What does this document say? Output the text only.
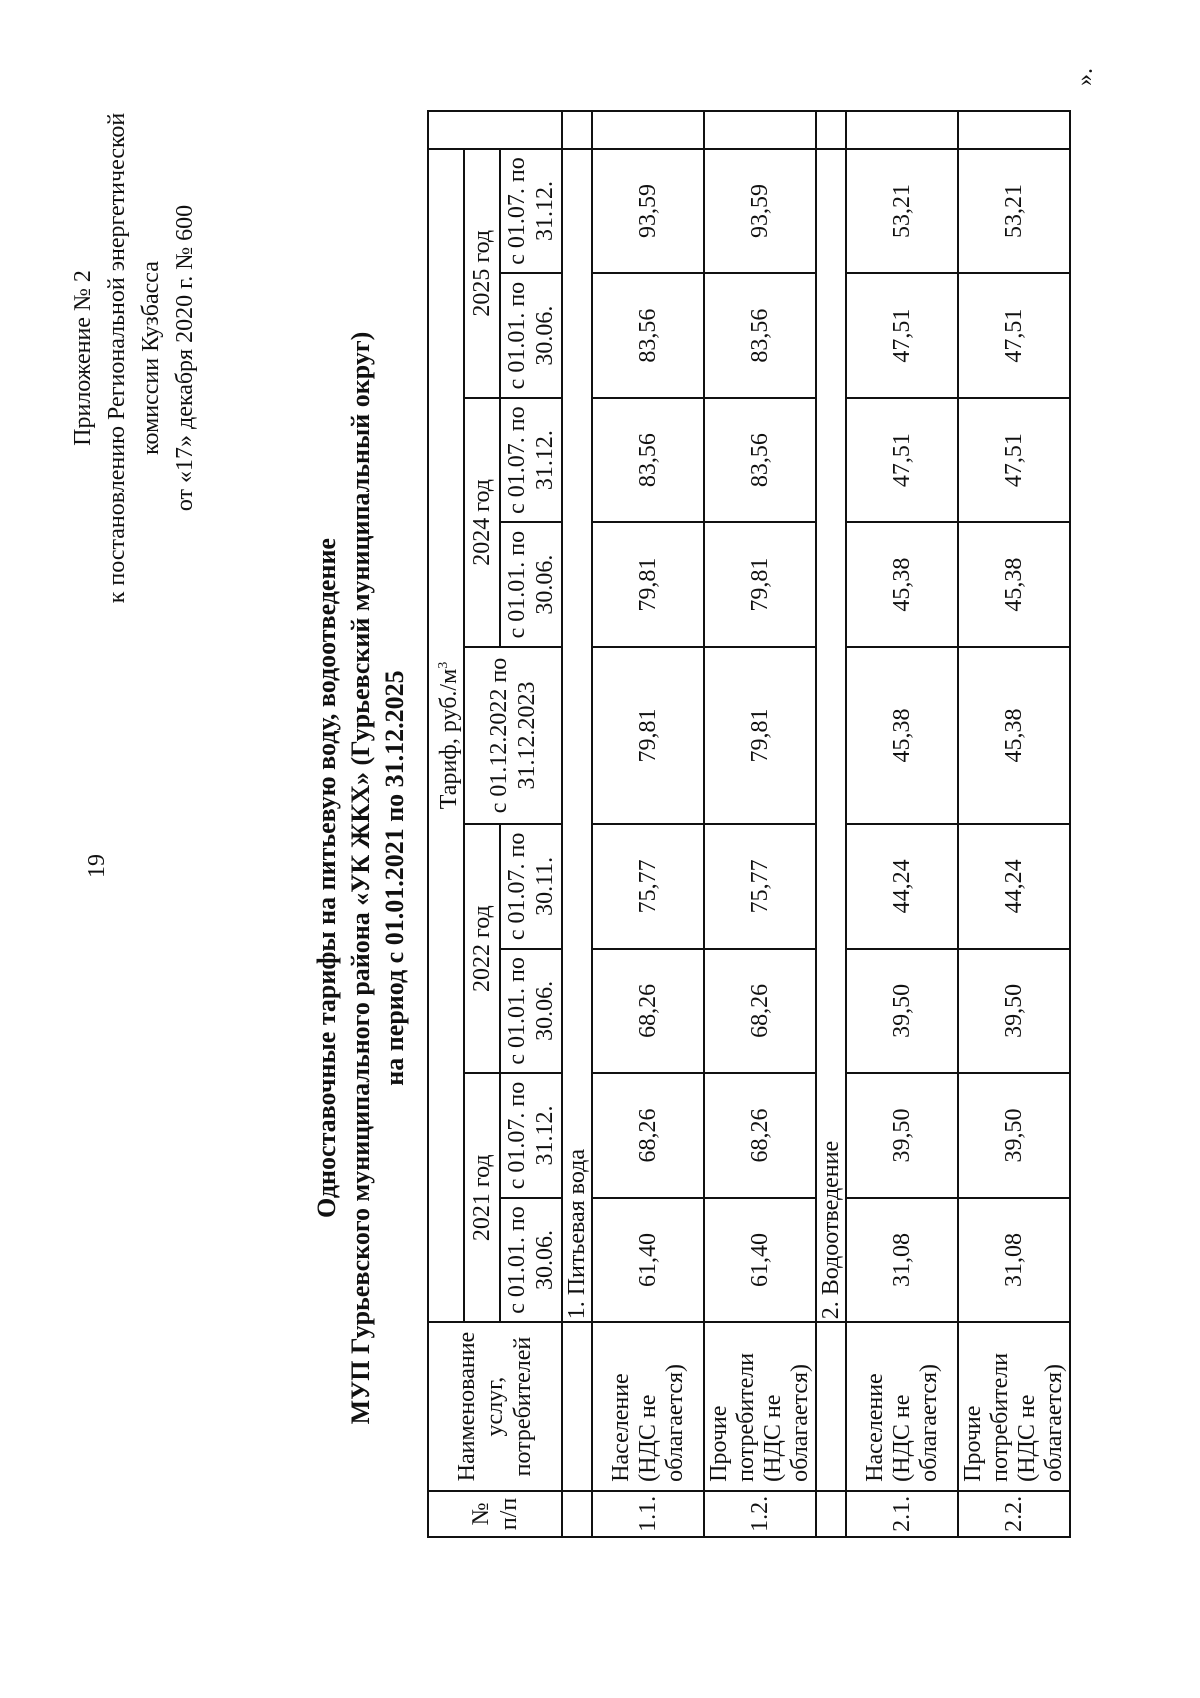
19
Приложение № 2 к постановлению Региональной энергетической комиссии Кузбасса от «17» декабря 2020 г. № 600
Одноставочные тарифы на питьевую воду, водоотведение МУП Гурьевского муниципального района «УК ЖКХ» (Гурьевский муниципальный округ) на период с 01.01.2021 по 31.12.2025
№ п/п	Наименование услуг, потребителей	Тариф, $руб./м^3$	
		2021 год		2022 год		с 01.12.2022 по 31.12.2023	2024 год		2025 год		
		с 01.01. по 30.06.	с 01.07. по 31.12.	с 01.01. по 30.06.	с 01.07. по 30.11.		с 01.01. по 30.06.	с 01.07. по 31.12.	с 01.01. по 30.06.	с 01.07. по 31.12.	
		1. Питьевая вода									
1.1.	Население (НДС не облагается)	61,40	68,26	68,26	75,77	79,81	79,81	83,56	83,56	93,59	
1.2.	Прочие потребители (НДС не облагается)	61,40	68,26	68,26	75,77	79,81	79,81	83,56	83,56	93,59	
		2. Водоотведение									
2.1.	Население (НДС не облагается)	31,08	39,50	39,50	44,24	45,38	45,38	47,51	47,51	53,21	
2.2.	Прочие потребители (НДС не облагается)	31,08	39,50	39,50	44,24	45,38	45,38	47,51	47,51	53,21	
».
